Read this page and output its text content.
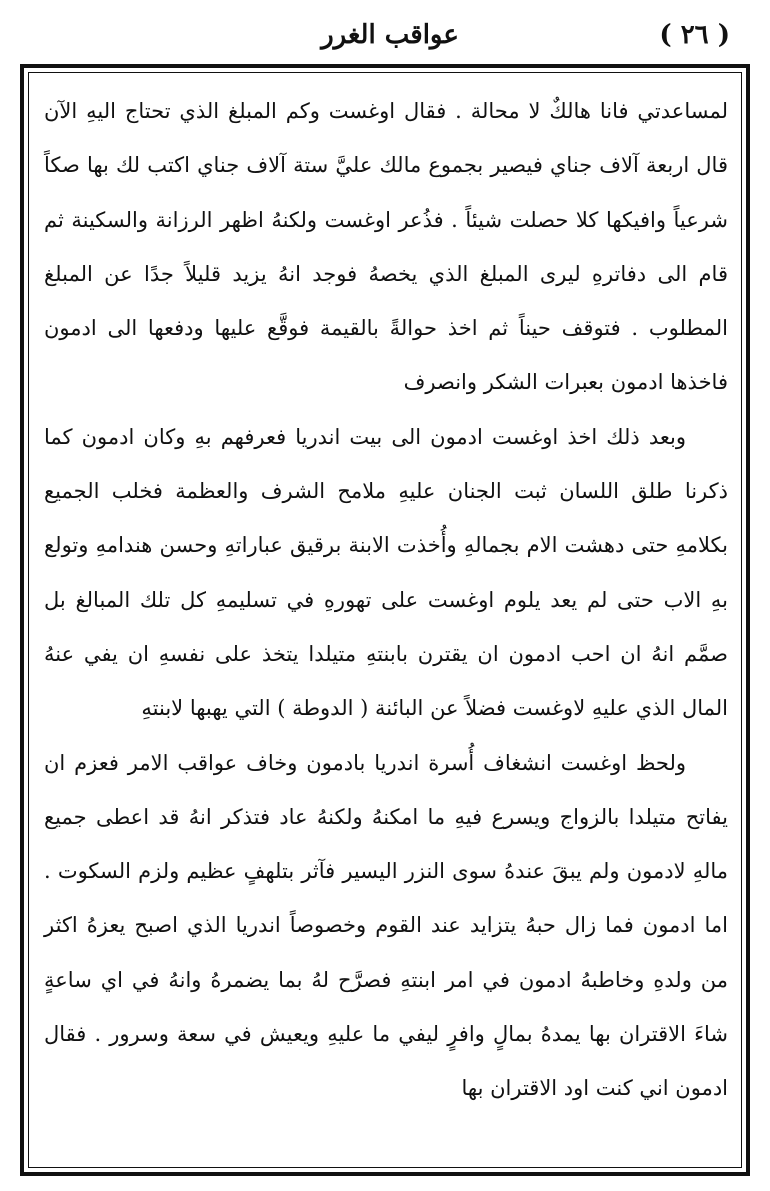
( ٢٦ )
عواقب الغرر

لمساعدتي فانا هالكٌ لا محالة . فقال اوغست وكم المبلغ الذي تحتاج اليهِ الآن قال اربعة آلاف جناي فيصير بجموع مالك عليَّ ستة آلاف جناي اكتب لك بها صكاً شرعياً وافيكها كلا حصلت شيئاً . فذُعر اوغست ولكنهُ اظهر الرزانة والسكينة ثم قام الى دفاترهِ ليرى المبلغ الذي يخصهُ فوجد انهُ يزيد قليلاً جدًا عن المبلغ المطلوب . فتوقف حيناً ثم اخذ حوالةً بالقيمة فوقَّع عليها ودفعها الى ادمون فاخذها ادمون بعبرات الشكر وانصرف

وبعد ذلك اخذ اوغست ادمون الى بيت اندريا فعرفهم بهِ وكان ادمون كما ذكرنا طلق اللسان ثبت الجنان عليهِ ملامح الشرف والعظمة فخلب الجميع بكلامهِ حتى دهشت الام بجمالهِ وأُخذت الابنة برقيق عباراتهِ وحسن هندامهِ وتولع بهِ الاب حتى لم يعد يلوم اوغست على تهورهِ في تسليمهِ كل تلك المبالغ بل صمَّم انهُ ان احب ادمون ان يقترن بابنتهِ متيلدا يتخذ على نفسهِ ان يفي عنهُ المال الذي عليهِ لاوغست فضلاً عن البائنة ( الدوطة ) التي يهبها لابنتهِ

ولحظ اوغست انشغاف أُسرة اندريا بادمون وخاف عواقب الامر فعزم ان يفاتح متيلدا بالزواج ويسرع فيهِ ما امكنهُ ولكنهُ عاد فتذكر انهُ قد اعطى جميع مالهِ لادمون ولم يبقَ عندهُ سوى النزر اليسير فآثر بتلهفٍ عظيم ولزم السكوت . اما ادمون فما زال حبهُ يتزايد عند القوم وخصوصاً اندريا الذي اصبح يعزهُ اكثر من ولدهِ وخاطبهُ ادمون في امر ابنتهِ فصرَّح لهُ بما يضمرهُ وانهُ في اي ساعةٍ شاءَ الاقتران بها يمدهُ بمالٍ وافرٍ ليفي ما عليهِ ويعيش في سعة وسرور . فقال ادمون اني كنت اود الاقتران بها
